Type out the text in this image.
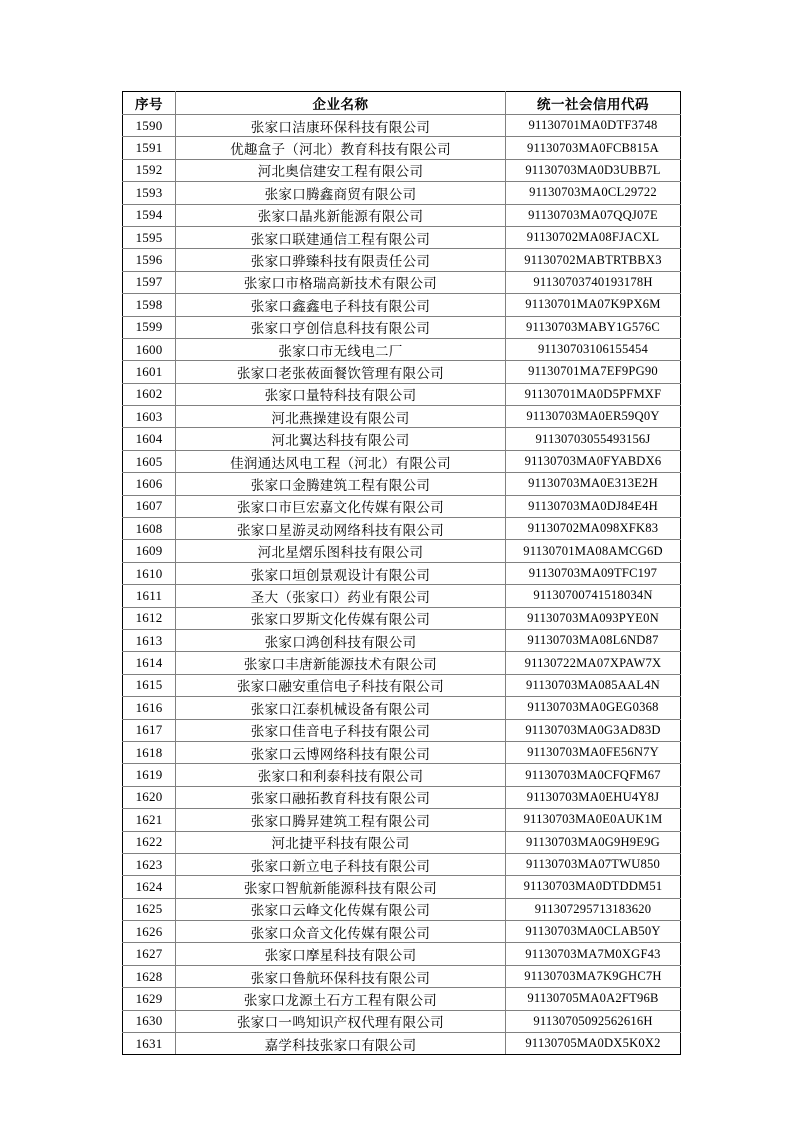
序号	企业名称	统一社会信用代码
1590	张家口洁康环保科技有限公司	91130701MA0DTF3748
1591	优趣盒子（河北）教育科技有限公司	91130703MA0FCB815A
1592	河北奥信建安工程有限公司	91130703MA0D3UBB7L
1593	张家口腾鑫商贸有限公司	91130703MA0CL29722
1594	张家口晶兆新能源有限公司	91130703MA07QQJ07E
1595	张家口联建通信工程有限公司	91130702MA08FJACXL
1596	张家口骅臻科技有限责任公司	91130702MABTRTBBX3
1597	张家口市格瑞高新技术有限公司	91130703740193178H
1598	张家口鑫鑫电子科技有限公司	91130701MA07K9PX6M
1599	张家口亨创信息科技有限公司	91130703MABY1G576C
1600	张家口市无线电二厂	91130703106155454
1601	张家口老张莜面餐饮管理有限公司	91130701MA7EF9PG90
1602	张家口量特科技有限公司	91130701MA0D5PFMXF
1603	河北燕操建设有限公司	91130703MA0ER59Q0Y
1604	河北翼达科技有限公司	91130703055493156J
1605	佳润通达风电工程（河北）有限公司	91130703MA0FYABDX6
1606	张家口金腾建筑工程有限公司	91130703MA0E313E2H
1607	张家口市巨宏嘉文化传媒有限公司	91130703MA0DJ84E4H
1608	张家口星游灵动网络科技有限公司	91130702MA098XFK83
1609	河北星熠乐图科技有限公司	91130701MA08AMCG6D
1610	张家口垣创景观设计有限公司	91130703MA09TFC197
1611	圣大（张家口）药业有限公司	91130700741518034N
1612	张家口罗斯文化传媒有限公司	91130703MA093PYE0N
1613	张家口鸿创科技有限公司	91130703MA08L6ND87
1614	张家口丰唐新能源技术有限公司	91130722MA07XPAW7X
1615	张家口融安重信电子科技有限公司	91130703MA085AAL4N
1616	张家口江泰机械设备有限公司	91130703MA0GEG0368
1617	张家口佳音电子科技有限公司	91130703MA0G3AD83D
1618	张家口云博网络科技有限公司	91130703MA0FE56N7Y
1619	张家口和利泰科技有限公司	91130703MA0CFQFM67
1620	张家口融拓教育科技有限公司	91130703MA0EHU4Y8J
1621	张家口腾昇建筑工程有限公司	91130703MA0E0AUK1M
1622	河北捷平科技有限公司	91130703MA0G9H9E9G
1623	张家口新立电子科技有限公司	91130703MA07TWU850
1624	张家口智航新能源科技有限公司	91130703MA0DTDDM51
1625	张家口云峰文化传媒有限公司	911307295713183620
1626	张家口众音文化传媒有限公司	91130703MA0CLAB50Y
1627	张家口摩星科技有限公司	91130703MA7M0XGF43
1628	张家口鲁航环保科技有限公司	91130703MA7K9GHC7H
1629	张家口龙源土石方工程有限公司	91130705MA0A2FT96B
1630	张家口一鸣知识产权代理有限公司	91130705092562616H
1631	嘉学科技张家口有限公司	91130705MA0DX5K0X2
